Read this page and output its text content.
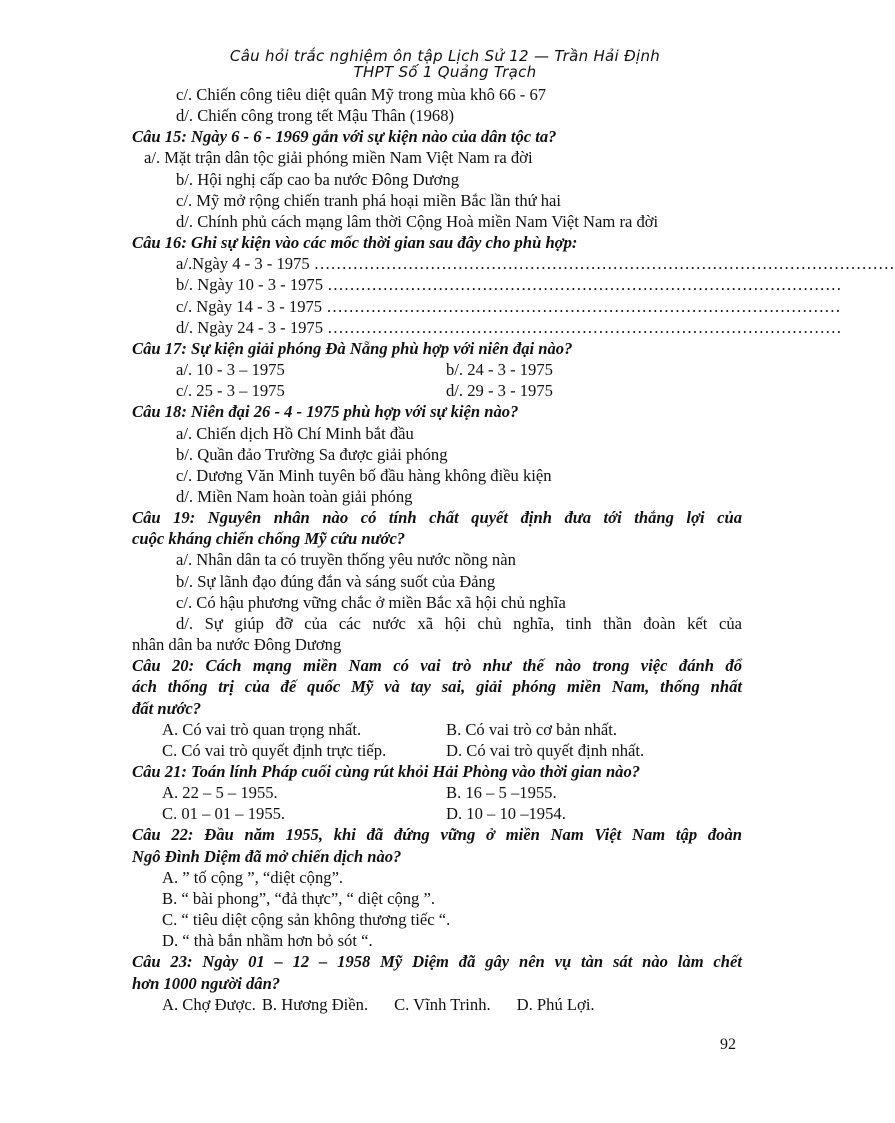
Câu hỏi trắc nghiệm ôn tập Lịch Sử 12 — Trần Hải Định
THPT Số 1 Quảng Trạch
c/. Chiến công tiêu diệt quân Mỹ trong mùa khô 66 - 67
d/. Chiến công trong tết Mậu Thân (1968)
Câu 15: Ngày 6 - 6 - 1969 gắn với sự kiện nào của dân tộc ta?
a/. Mặt trận dân tộc giải phóng miền Nam Việt Nam ra đời
b/. Hội nghị cấp cao ba nước Đông Dương
c/. Mỹ mở rộng chiến tranh phá hoại miền Bắc lần thứ hai
d/. Chính phủ cách mạng lâm thời Cộng Hoà miền Nam Việt Nam ra đời
Câu 16: Ghi sự kiện vào các mốc thời gian sau đây cho phù hợp:
a/.Ngày 4 - 3 - 1975 ……………………………………………………………………………………………
b/. Ngày 10 - 3 - 1975 …………………………………………………………………………………
c/. Ngày 14 - 3 - 1975 …………………………………………………………………………………
d/. Ngày 24 - 3 - 1975 …………………………………………………………………………………
Câu 17: Sự kiện giải phóng Đà Nẵng phù hợp với niên đại nào?
a/. 10 - 3 – 1975	b/. 24 - 3 - 1975
c/. 25 - 3 – 1975	d/. 29 - 3 - 1975
Câu 18: Niên đại 26 - 4 - 1975 phù hợp với sự kiện nào?
a/. Chiến dịch Hồ Chí Minh bắt đầu
b/. Quần đảo Trường Sa được giải phóng
c/. Dương Văn Minh tuyên bố đầu hàng không điều kiện
d/. Miền Nam hoàn toàn giải phóng
Câu 19: Nguyên nhân nào có tính chất quyết định đưa tới thắng lợi của
cuộc kháng chiến chống Mỹ cứu nước?
a/. Nhân dân ta có truyền thống yêu nước nồng nàn
b/. Sự lãnh đạo đúng đắn và sáng suốt của Đảng
c/. Có hậu phương vững chắc ở miền Bắc xã hội chủ nghĩa
d/. Sự giúp đỡ của các nước xã hội chủ nghĩa, tinh thần đoàn kết của
nhân dân ba nước Đông Dương
Câu 20: Cách mạng miền Nam có vai trò như thế nào trong việc đánh đổ
ách thống trị của đế quốc Mỹ và tay sai, giải phóng miền Nam, thống nhất
đất nước?
A. Có vai trò quan trọng nhất.	B. Có vai trò cơ bản nhất.
C. Có vai trò quyết định trực tiếp.	D. Có vai trò quyết định nhất.
Câu 21: Toán lính Pháp cuối cùng rút khỏi Hải Phòng vào thời gian nào?
A. 22 – 5 – 1955.	B. 16 – 5 –1955.
C. 01 – 01 – 1955.	D. 10 – 10 –1954.
Câu 22: Đầu năm 1955, khi đã đứng vững ở miền Nam Việt Nam tập đoàn
Ngô Đình Diệm đã mở chiến dịch nào?
A. ” tố cộng ”, “diệt cộng”.
B. “ bài phong”, “đả thực”, “ diệt cộng ”.
C. “ tiêu diệt cộng sản không thương tiếc “.
D. “ thà bắn nhầm hơn bỏ sót “.
Câu 23: Ngày 01 – 12 – 1958 Mỹ Diệm đã gây nên vụ tàn sát nào làm chết
hơn 1000 người dân?
A. Chợ Được. B. Hương Điền. C. Vĩnh Trinh. D. Phú Lợi.
92
